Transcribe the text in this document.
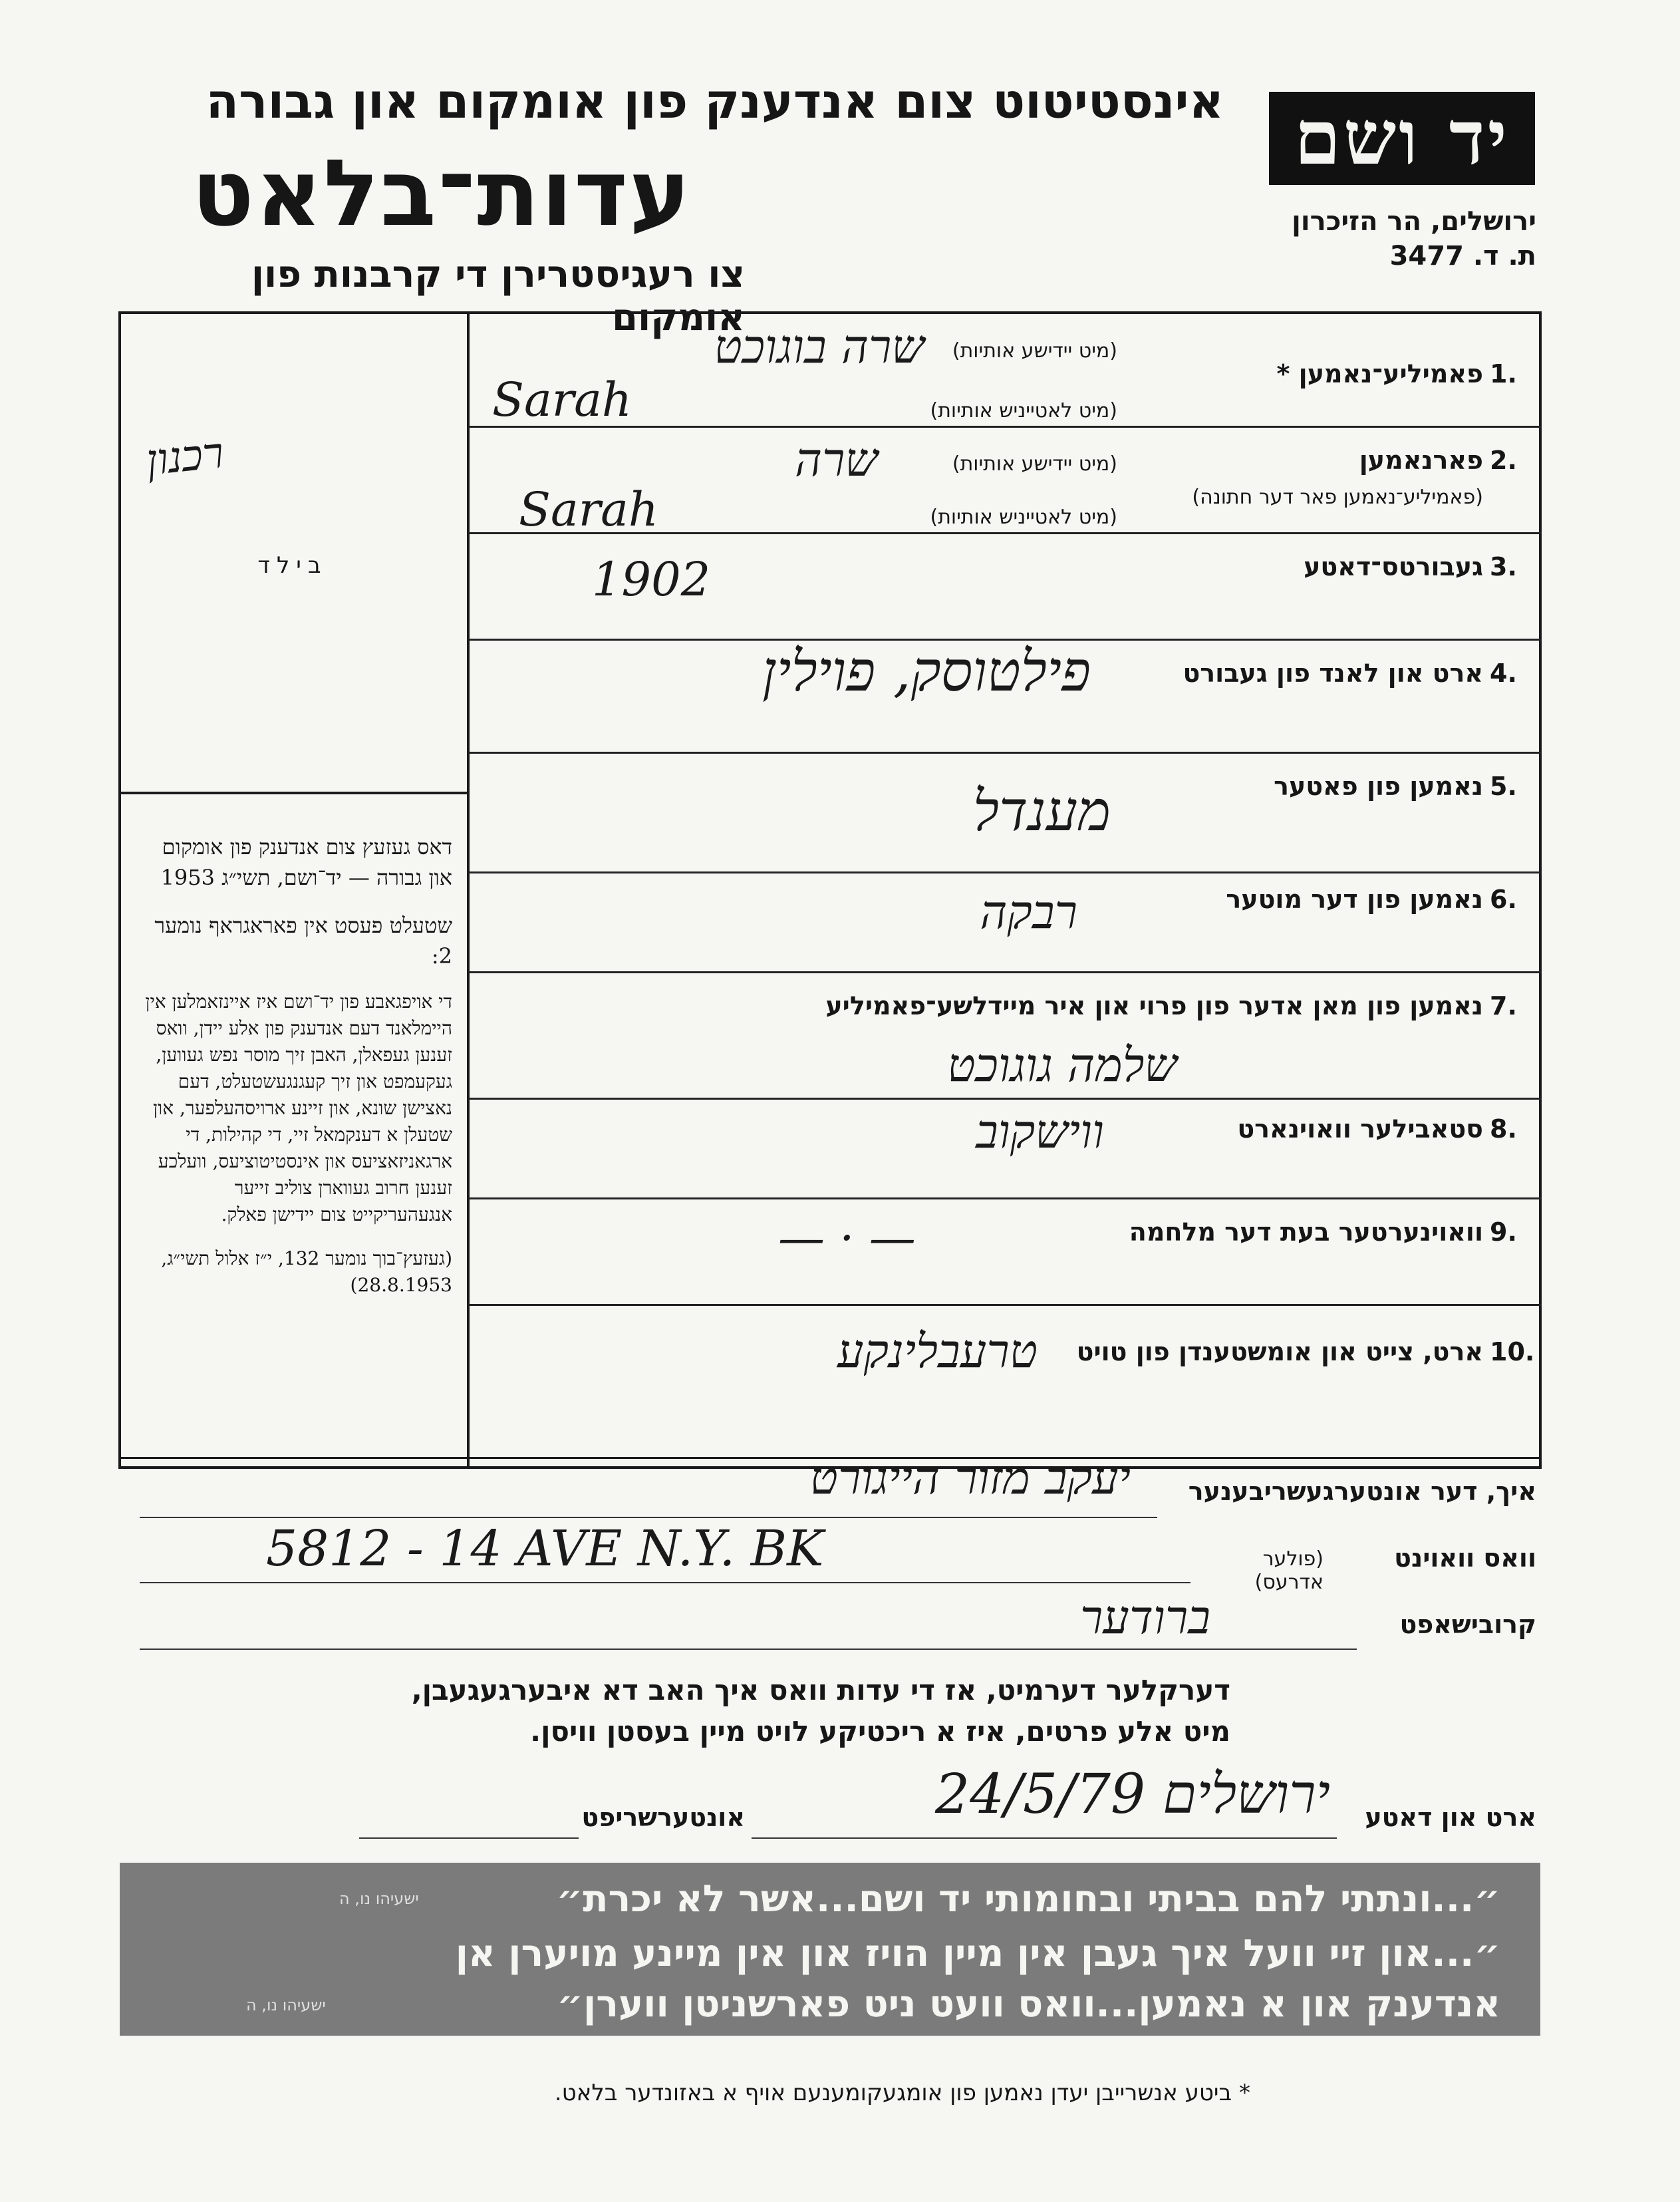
יד ושם
אינסטיטוט צום אנדענק פון אומקום און גבורה
עדות־בלאט
צו רעגיסטרירן די קרבנות פון אומקום
ירושלים, הר הזיכרון
ת. ד. 3477
רכנון
בילד
1.
פאמיליע־נאמען *
(מיט יידישע אותיות)
(מיט לאטייניש אותיות)
שרה בוגוכט
Sarah
2.
פארנאמען
(פאמיליע־נאמען פאר דער חתונה)
(מיט יידישע אותיות)
(מיט לאטייניש אותיות)
שרה
Sarah
3.
געבורטס־דאטע
1902
4.
ארט און לאנד פון געבורט
פילטוסק, פוילין
5.
נאמען פון פאטער
מענדל
6.
נאמען פון דער מוטער
רבקה
7.
נאמען פון מאן אדער פון פרוי און איר מיידלשע־פאמיליע
שלמה גוגוכט
8.
סטאבילער וואוינארט
ווישקוב
9.
וואוינערטער בעת דער מלחמה
— · —
10.
ארט, צייט און אומשטענדן פון טויט
טרעבלינקע

דאס געזעץ צום אנדענק פון אומקום און גבורה — יד־ושם, תשי״ג 1953

שטעלט פעסט אין פאראגראף נומער 2:

די אויפגאבע פון יד־ושם איז איינזאמלען אין היימלאנד דעם אנדענק פון אלע יידן, וואס זענען געפאלן, האבן זיך מוסר נפש געווען, געקעמפט און זיך קעגנגעשטעלט, דעם נאצישן שונא, און זיינע ארויסהעלפער, און שטעלן א דענקמאל זיי, די קהילות, די ארגאניזאציעס און אינסטיטוציעס, וועלכע זענען חרוב געווארן צוליב זייער אנגעהעריקייט צום יידישן פאלק.

(געזעץ־בוך נומער 132, י״ז אלול תשי״ג, 28.8.1953)

איך, דער אונטערגעשריבענער
יעקב מזור הייגורט
וואס וואוינט
(פולער אדרעס)
5812 - 14 AVE N.Y. BK
קרובישאפט
ברודער
דערקלער דערמיט, אז די עדות וואס איך האב דא איבערגעגעבן,
מיט אלע פרטים, איז א ריכטיקע לויט מיין בעסטן וויסן.
ארט און דאטע
ירושלים 24/5/79
אונטערשריפט
״...ונתתי להם בביתי ובחומותי יד ושם...אשר לא יכרת״
ישעיהו נו, ה
״...און זיי וועל איך געבן אין מיין הויז און אין מיינע מויערן אן
אנדענק און א נאמען...וואס וועט ניט פארשניטן ווערן״
ישעיהו נו, ה
* ביטע אנשרייבן יעדן נאמען פון אומגעקומענעם אויף א באזונדער בלאט.
